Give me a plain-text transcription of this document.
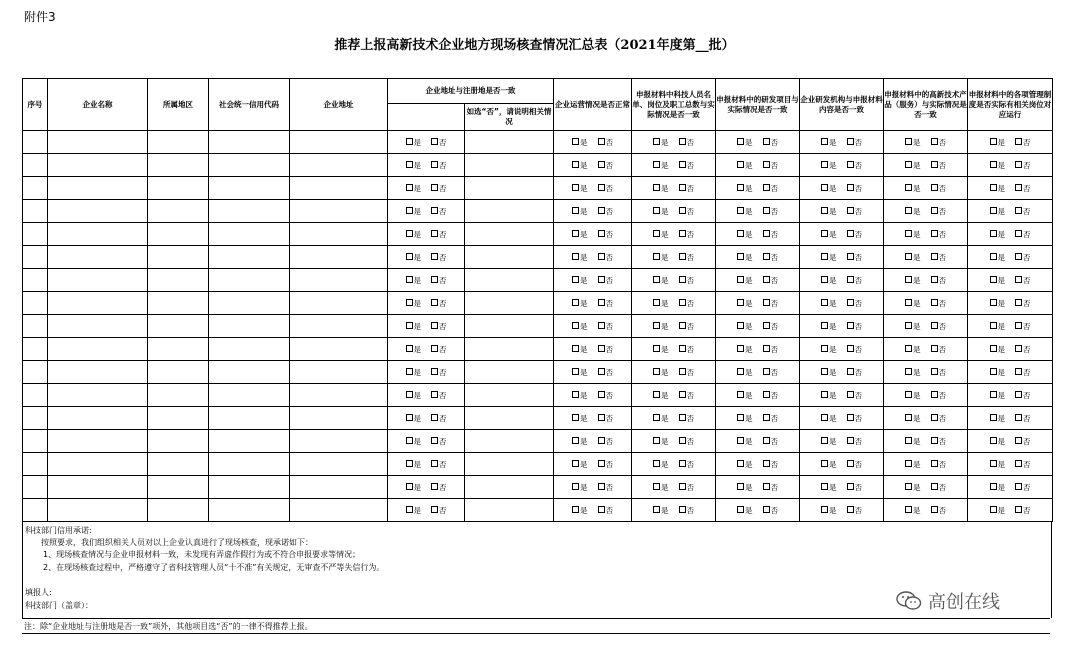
附件3
推荐上报高新技术企业地方现场核查情况汇总表（2021年度第__批）
序号	企业名称	所属地区	社会统一信用代码	企业地址	企业地址与注册地是否一致		企业运营情况是否正常	申报材料中科技人员名单、岗位及职工总数与实际情况是否一致	申报材料中的研发项目与实际情况是否一致	企业研发机构与申报材料内容是否一致	申报材料中的高新技术产品（服务）与实际情况是否一致	申报材料中的各项管理制度是否实际有相关岗位对应运行
						如选“否”，请说明相关情况						
					是 否		是 否	是 否	是 否	是 否	是 否	是 否
					是 否		是 否	是 否	是 否	是 否	是 否	是 否
					是 否		是 否	是 否	是 否	是 否	是 否	是 否
					是 否		是 否	是 否	是 否	是 否	是 否	是 否
					是 否		是 否	是 否	是 否	是 否	是 否	是 否
					是 否		是 否	是 否	是 否	是 否	是 否	是 否
					是 否		是 否	是 否	是 否	是 否	是 否	是 否
					是 否		是 否	是 否	是 否	是 否	是 否	是 否
					是 否		是 否	是 否	是 否	是 否	是 否	是 否
					是 否		是 否	是 否	是 否	是 否	是 否	是 否
					是 否		是 否	是 否	是 否	是 否	是 否	是 否
					是 否		是 否	是 否	是 否	是 否	是 否	是 否
					是 否		是 否	是 否	是 否	是 否	是 否	是 否
					是 否		是 否	是 否	是 否	是 否	是 否	是 否
					是 否		是 否	是 否	是 否	是 否	是 否	是 否
					是 否		是 否	是 否	是 否	是 否	是 否	是 否
					是 否		是 否	是 否	是 否	是 否	是 否	是 否

科技部门信用承诺:

按照要求，我们组织相关人员对以上企业认真进行了现场核查，现承诺如下：

1、现场核查情况与企业申报材料一致，未发现有弄虚作假行为或不符合申报要求等情况；

2、在现场核查过程中，严格遵守了省科技管理人员“十不准”有关规定，无审查不严等失信行为。

填报人:

科技部门（盖章）：

注：除“企业地址与注册地是否一致”项外，其他项目选“否”的一律不得推荐上报。
高创在线
